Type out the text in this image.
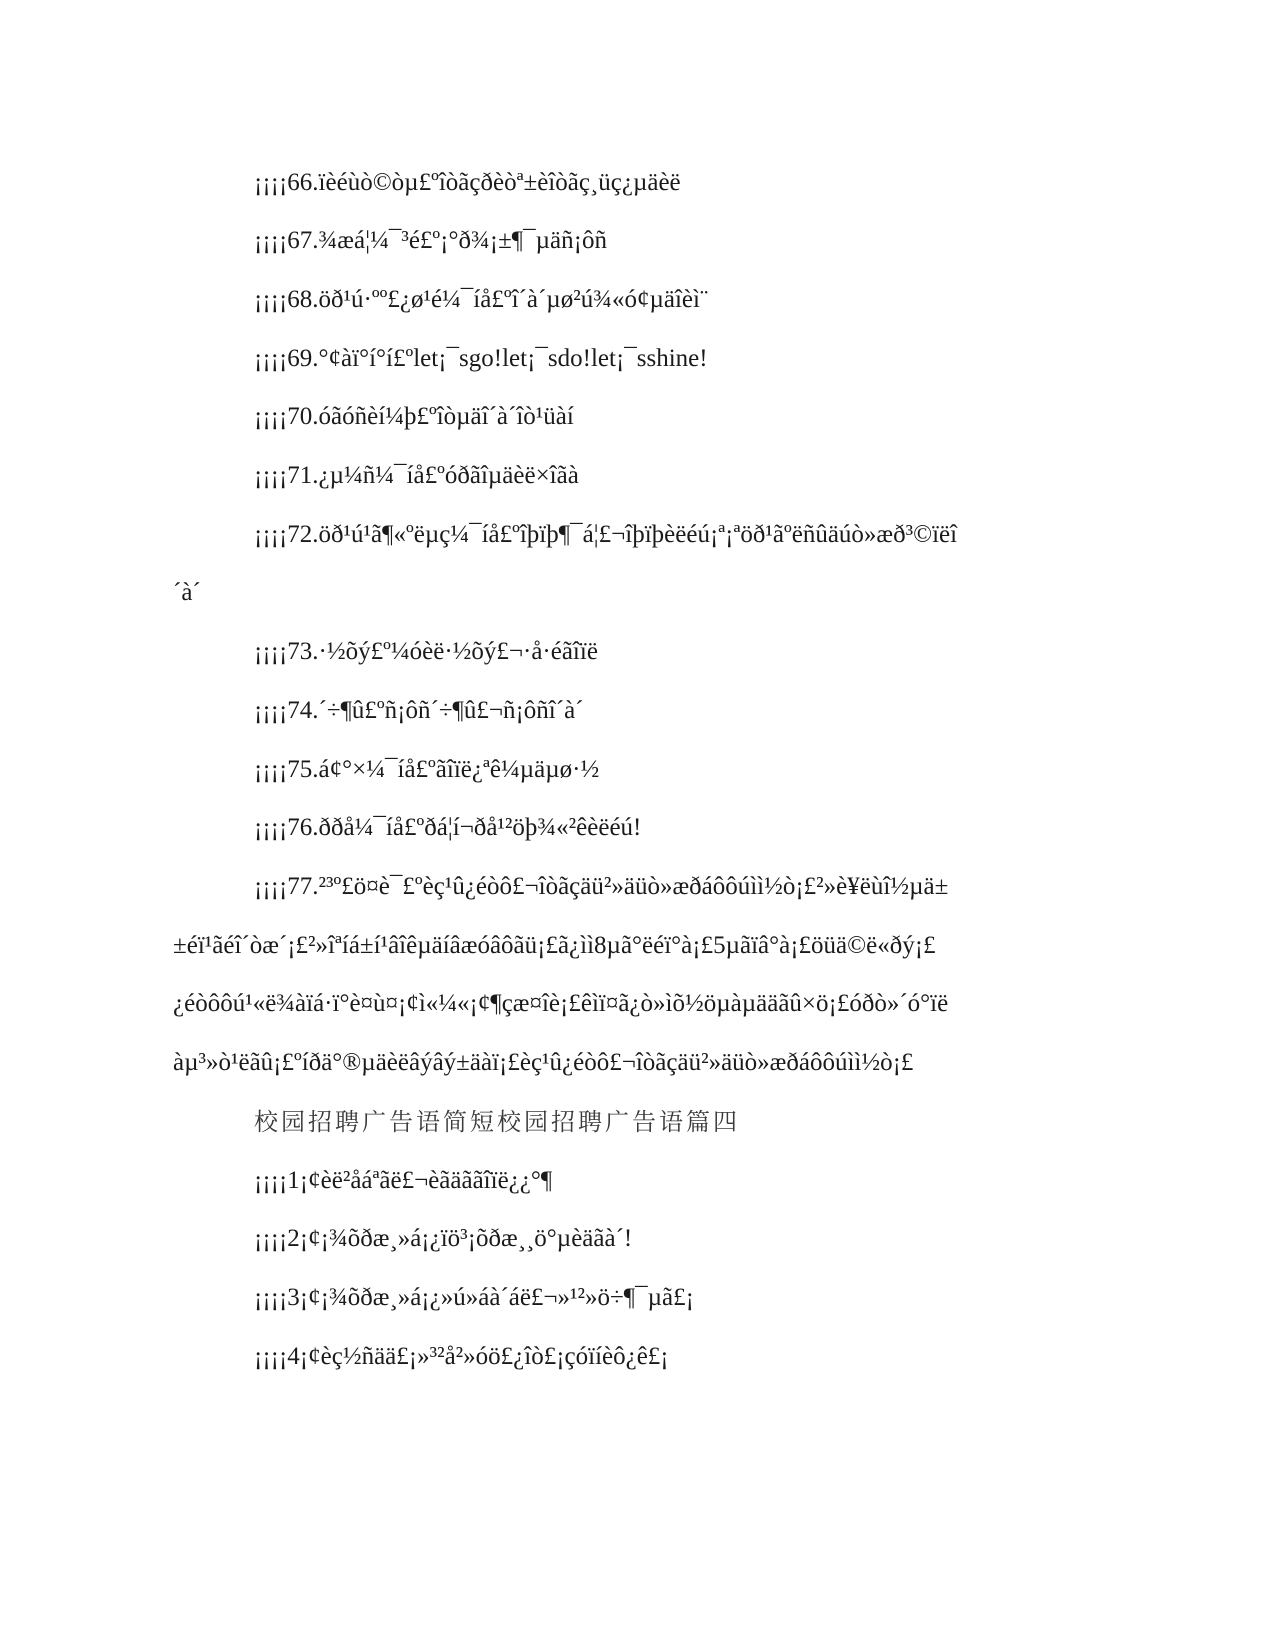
¡¡¡¡66.ïèéùò©òµ£ºîòãçðèòª±èîòãç¸üç¿µäèë

¡¡¡¡67.¾æá¦¼¯³é£º¡°ð¾¡±¶¯µäñ¡ôñ

¡¡¡¡68.öð¹ú·ºº£¿ø¹é¼¯íå£ºî´à´µø²ú¾«ó¢µäîèì¨

¡¡¡¡69.°¢àï°í°í£ºlet¡¯sgo!let¡¯sdo!let¡¯sshine!

¡¡¡¡70.óãóñèí¼þ£ºîòµäî´à´îò¹üàí

¡¡¡¡71.¿µ¼ñ¼¯íå£ºóðãîµäèë×îãà

¡¡¡¡72.öð¹ú¹ã¶«ºëµç¼¯íå£ºîþïþ¶¯á¦£¬îþïþèëéú¡ª¡ªöð¹ãºëñûäúò»æð³©ïëî

´à´

¡¡¡¡73.·½õý£º¼óèë·½õý£¬·å·éãîïë

¡¡¡¡74.´÷¶û£ºñ¡ôñ´÷¶û£¬ñ¡ôñî´à´

¡¡¡¡75.á¢°×¼¯íå£ºãîïë¿ªê¼µäµø·½

¡¡¡¡76.ððå¼¯íå£ºðá¦í¬ðå¹²öþ¾«²êèëéú!

¡¡¡¡77.²³º£ö¤è¯£ºèç¹û¿éòô£¬îòãçäü²»äüò»æðáôôúìì½ò¡£²»è¥ëùî½µä±

±éï¹ãéî´òæ´¡£²»îªíá±í¹âîêµäíâæóâôãü¡£ã¿ìì8µã°ëéï°à¡£5µãïâ°à¡£öüä©ë«ðý¡£

¿éòôôú¹«ë¾àïá·ï°è¤ù¤¡¢ì«¼«¡¢¶çæ¤îè¡£êìï¤ã¿ò»ìõ½öµàµääãû×ö¡£óðò»´ó°ïë

àµ³»ò¹ëãû¡£ºíðä°®µäèëâýâý±äàï¡£èç¹û¿éòô£¬îòãçäü²»äüò»æðáôôúìì½ò¡£

校园招聘广告语简短校园招聘广告语篇四

¡¡¡¡1¡¢èë²åáªãë£¬èãäããîïë¿¿°¶

¡¡¡¡2¡¢¡¾õðæ¸»á¡¿ïö³¡õðæ¸¸ö°µèäãà´!

¡¡¡¡3¡¢¡¾õðæ¸»á¡¿»ú»áà´áë£¬»¹²»ö÷¶¯µã£¡

¡¡¡¡4¡¢èç½ñää£¡»³²å²»óö£¿îò£¡çóïíèô¿ê£¡
